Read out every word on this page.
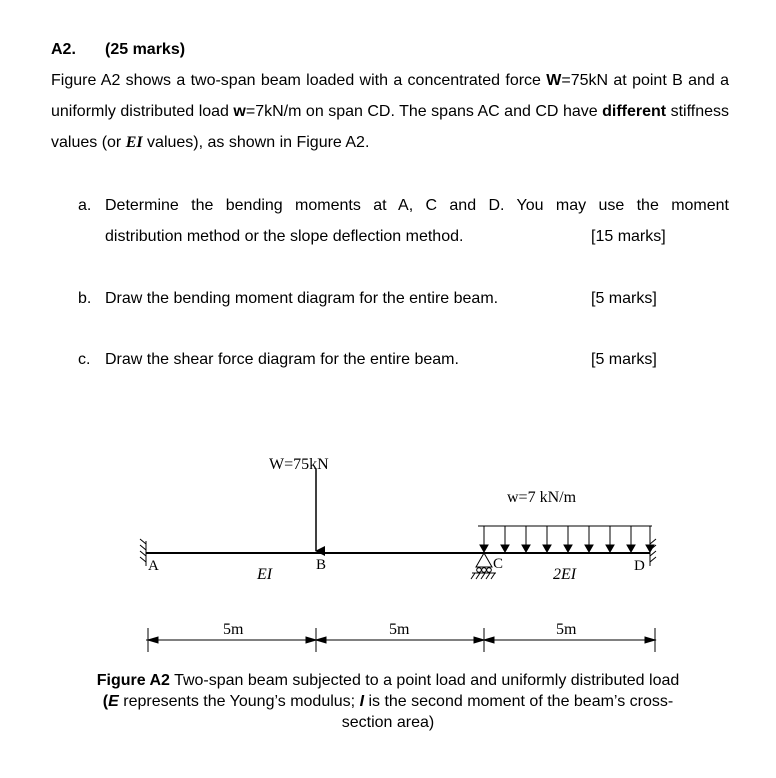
A2. (25 marks)
Figure A2 shows a two-span beam loaded with a concentrated force W=75kN at point B and a uniformly distributed load w=7kN/m on span CD. The spans AC and CD have different stiffness values (or EI values), as shown in Figure A2.
a. Determine the bending moments at A, C and D. You may use the moment
distribution method or the slope deflection method.	[15 marks]
b. Draw the bending moment diagram for the entire beam.	[5 marks]
c. Draw the shear force diagram for the entire beam.	[5 marks]
W=75kN
w=7 kN/m
A	B	C	D
EI	2EI
5m	5m	5m
Figure A2 Two-span beam subjected to a point load and uniformly distributed load
(E represents the Young’s modulus; I is the second moment of the beam’s cross-
section area)
